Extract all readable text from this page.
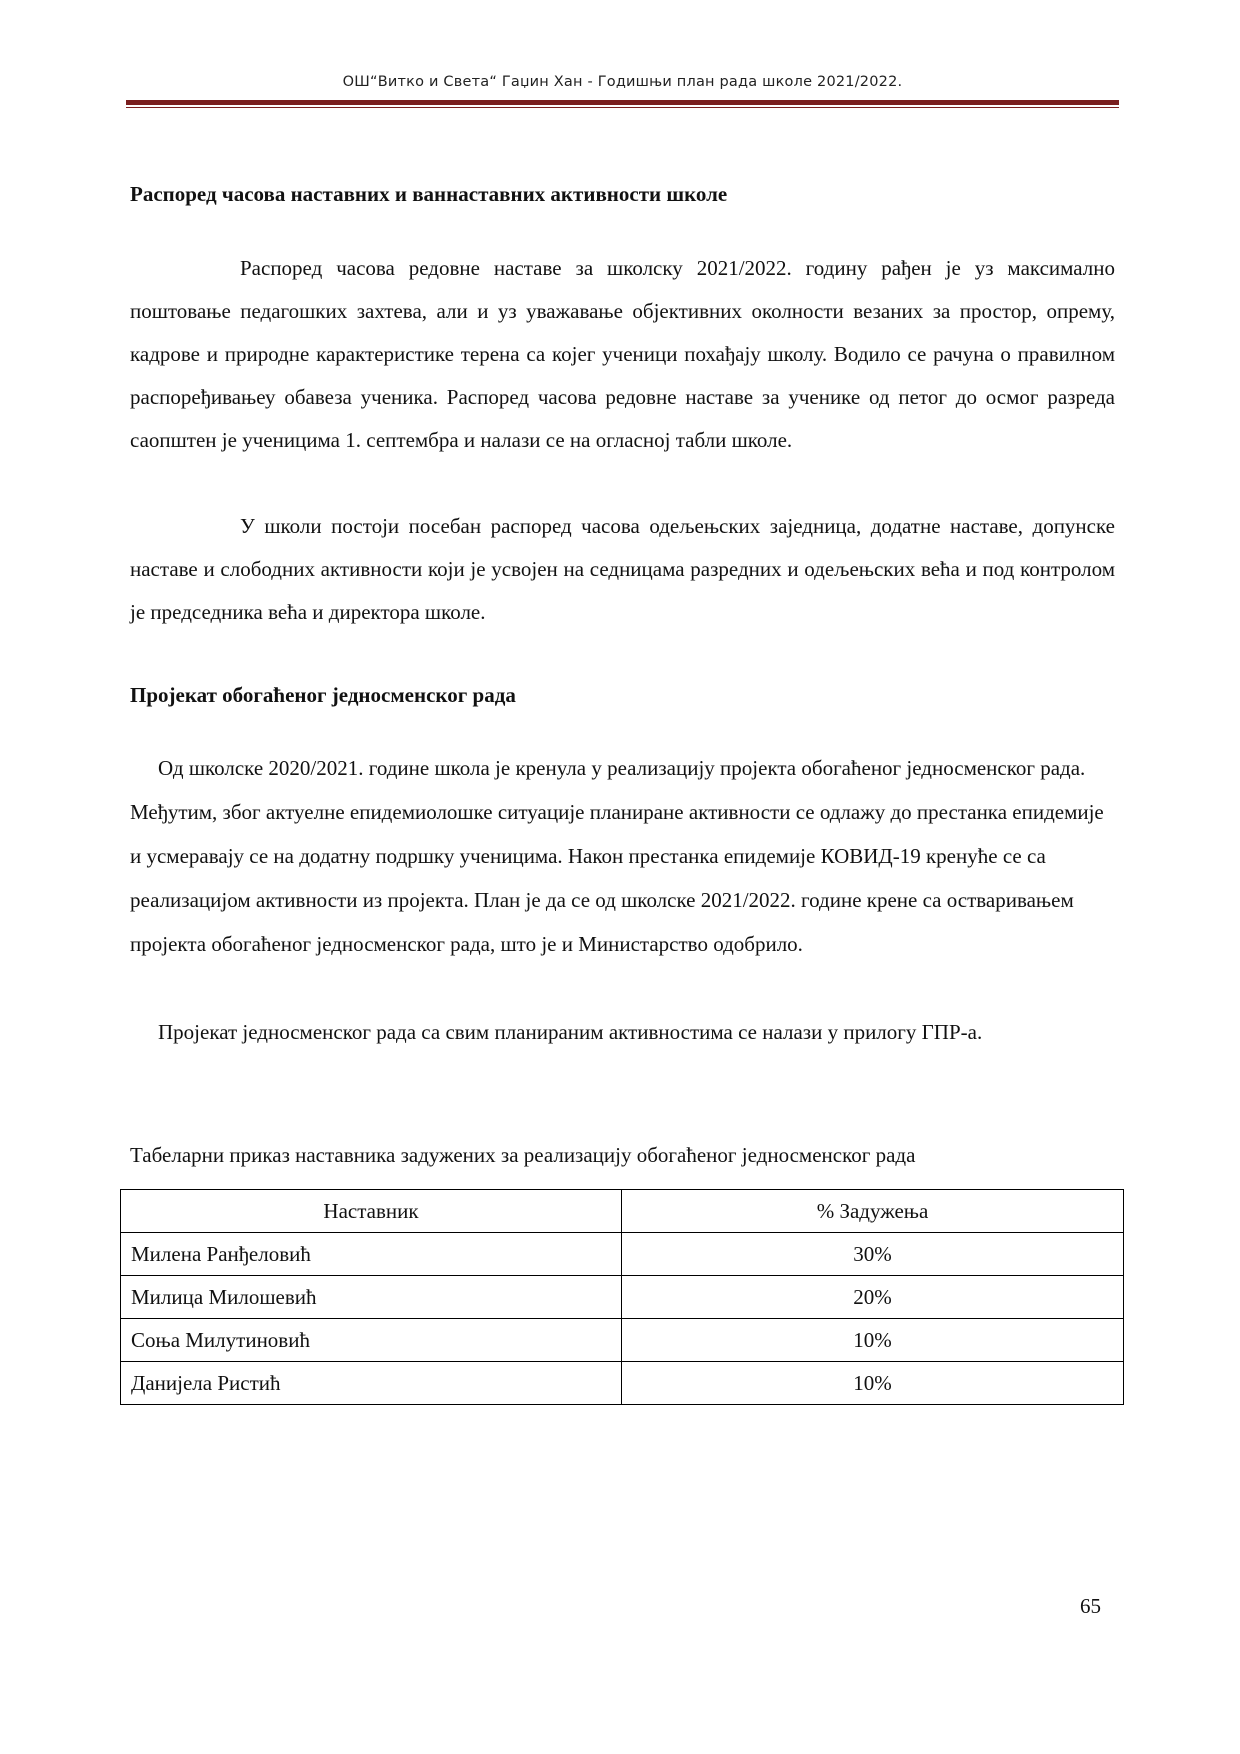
ОШ“Витко и Света“ Гаџин Хан - Годишњи план рада школе 2021/2022.
Распоред часова наставних и ваннаставних активности школе

Распоред часова редовне наставе за школску 2021/2022. годину рађен је уз максимално поштовање педагошких захтева, али и уз уважавање објективних околности везаних за простор, опрему, кадрове и природне карактеристике терена са којег ученици похађају школу. Водило се рачуна о правилном распоређивањеу обавеза ученика. Распоред часова редовне наставе за ученике од петог до осмог разреда саопштен је ученицима 1. септембра и налази се на огласној табли школе.

У школи постоји посебан распоред часова одељењских заједница, додатне наставе, допунске наставе и слободних активности који је усвојен на седницама разредних и одељењских већа и под контролом је председника већа и директора школе.

Пројекат обогаћеног једносменског рада

Од школске 2020/2021. године школа је кренула у реализацију пројекта обогаћеног једносменског рада. Међутим, због актуелне епидемиолошке ситуације планиране активности се одлажу до престанка епидемије и усмеравају се на додатну подршку ученицима. Након престанка епидемије КОВИД-19 кренуће се са реализацијом активности из пројекта. План је да се од школске 2021/2022. године крене са остваривањем пројекта обогаћеног једносменског рада, што је и Министарство одобрило.

Пројекат једносменског рада са свим планираним активностима се налази у прилогу ГПР-а.

Табеларни приказ наставника задужених за реализацију обогаћеног једносменског рада
Наставник	% Задужења
Милена Ранђеловић	30%
Милица Милошевић	20%
Соња Милутиновић	10%
Данијела Ристић	10%
65
